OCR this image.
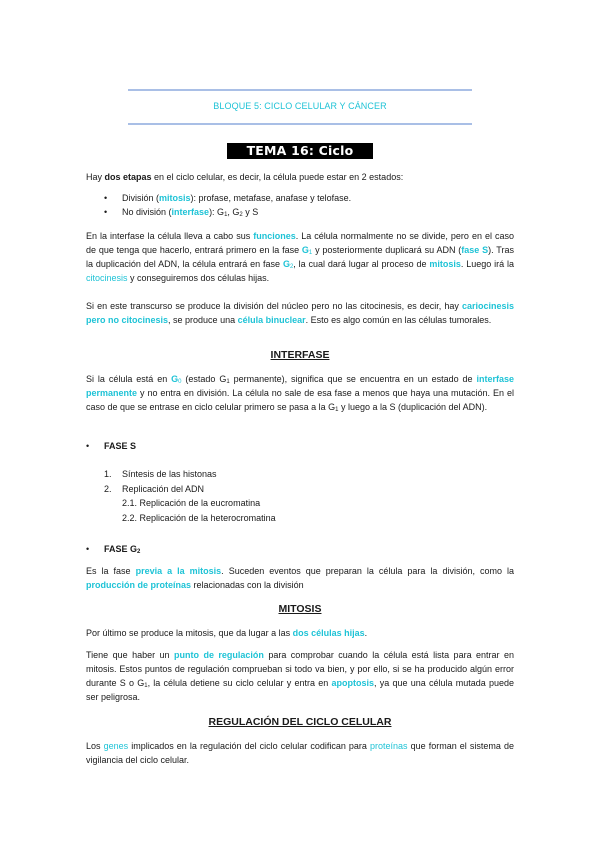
BLOQUE 5: CICLO CELULAR Y CÁNCER
TEMA 16: Ciclo celular

Hay dos etapas en el ciclo celular, es decir, la célula puede estar en 2 estados:

• División (mitosis): profase, metafase, anafase y telofase.
• No división (interfase): $G_1$, $G_2$ y S

En la interfase la célula lleva a cabo sus funciones. La célula normalmente no se divide, pero en el caso de que tenga que hacerlo, entrará primero en la fase $G_1$ y posteriormente duplicará su ADN (fase S). Tras la duplicación del ADN, la célula entrará en fase $G_2$, la cual dará lugar al proceso de mitosis. Luego irá la citocinesis y conseguiremos dos células hijas.

Si en este transcurso se produce la división del núcleo pero no las citocinesis, es decir, hay cariocinesis pero no citocinesis, se produce una célula binuclear. Esto es algo común en las células tumorales.

INTERFASE

Si la célula está en $G_0$ (estado $G_1$ permanente), significa que se encuentra en un estado de interfase permanente y no entra en división. La célula no sale de esa fase a menos que haya una mutación. En el caso de que se entrase en ciclo celular primero se pasa a la $G_1$ y luego a la S (duplicación del ADN).

• FASE S
1. Síntesis de las histonas
2. Replicación del ADN
2.1. Replicación de la eucromatina
2.2. Replicación de la heterocromatina
• FASE $G_2$

Es la fase previa a la mitosis. Suceden eventos que preparan la célula para la división, como la producción de proteínas relacionadas con la división

MITOSIS

Por último se produce la mitosis, que da lugar a las dos células hijas.

Tiene que haber un punto de regulación para comprobar cuando la célula está lista para entrar en mitosis. Estos puntos de regulación comprueban si todo va bien, y por ello, si se ha producido algún error durante S o $G_1$, la célula detiene su ciclo celular y entra en apoptosis, ya que una célula mutada puede ser peligrosa.

REGULACIÓN DEL CICLO CELULAR

Los genes implicados en la regulación del ciclo celular codifican para proteínas que forman el sistema de vigilancia del ciclo celular.
